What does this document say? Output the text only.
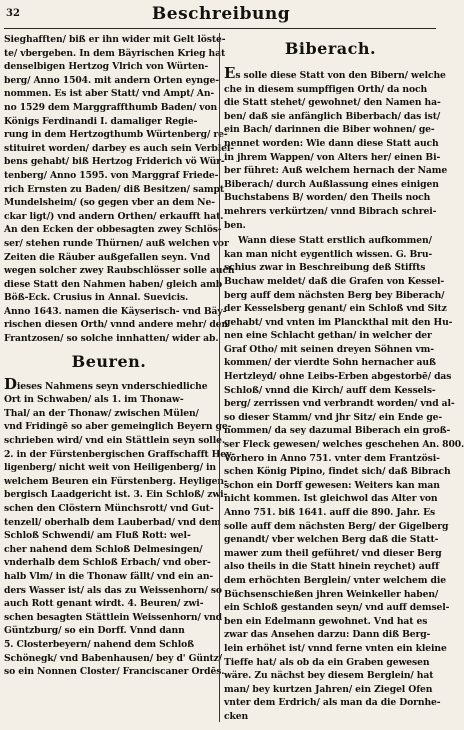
32	Beschreibung
Sieghafften/ biß er ihn wider mit Gelt löste-
te/ vbergeben. In dem Bäyrischen Krieg hat
denselbigen Hertzog Vlrich von Würten-
berg/ Anno 1504. mit andern Orten eynge-
nommen. Es ist aber Statt/ vnd Ampt/ An-
no 1529 dem Marggraffthumb Baden/ von
Königs Ferdinandi I. damaliger Regie-
rung in dem Hertzogthumb Würtenberg/ re-
stituiret worden/ darbey es auch sein Verblei-
bens gehabt/ biß Hertzog Friderich vö Wür-
tenberg/ Anno 1595. von Marggraf Friede-
rich Ernsten zu Baden/ diß Besitzen/ sampt
Mundelsheim/ (so gegen vber an dem Ne-
ckar ligt/) vnd andern Orthen/ erkaufft hat.
An den Ecken der obbesagten zwey Schlös-
ser/ stehen runde Thürnen/ auß welchen vor
Zeiten die Räuber außgefallen seyn. Vnd
wegen solcher zwey Raubschlösser solle auch
diese Statt den Nahmen haben/ gleich amb
Böß-Eck. Crusius in Annal. Suevicis.
Anno 1643. namen die Käyserisch- vnd Bäy-
rischen diesen Orth/ vnnd andere mehr/ den
Frantzosen/ so solche innhatten/ wider ab.
Beuren.
Dieses Nahmens seyn vnderschiedliche
Ort in Schwaben/ als 1. im Thonaw-
Thal/ an der Thonaw/ zwischen Mülen/
vnd Fridingē so aber gemeinglich Beyern ge-
schrieben wird/ vnd ein Stättlein seyn solle.
2. in der Fürstenbergischen Graffschafft Hey-
ligenberg/ nicht weit von Heiligenberg/ in
welchem Beuren ein Fürstenberg. Heyligen-
bergisch Laadgericht ist. 3. Ein Schloß/ zwi-
schen den Clöstern Münchsrott/ vnd Gut-
tenzell/ oberhalb dem Lauberbad/ vnd dem
Schloß Schwendi/ am Fluß Rott: wel-
cher nahend dem Schloß Delmesingen/
vnderhalb dem Schloß Erbach/ vnd ober-
halb Vlm/ in die Thonaw fällt/ vnd ein an-
ders Wasser ist/ als das zu Weissenhorn/ so
auch Rott genant wirdt. 4. Beuren/ zwi-
schen besagten Stättlein Weissenhorn/ vnd
Güntzburg/ so ein Dorff. Vnnd dann
5. Closterbeyern/ nahend dem Schloß
Schönegk/ vnd Babenhausen/ bey d' Güntz/
so ein Nonnen Closter/ Franciscaner Ordēs.
Biberach.
Es solle diese Statt von den Bibern/ welche
che in diesem sumpffigen Orth/ da noch
die Statt stehet/ gewohnet/ den Namen ha-
ben/ daß sie anfänglich Biberbach/ das ist/
ein Bach/ darinnen die Biber wohnen/ ge-
nennet worden: Wie dann diese Statt auch
in jhrem Wappen/ von Alters her/ einen Bi-
ber führet: Auß welchem hernach der Name
Biberach/ durch Außlassung eines einigen
Buchstabens B/ worden/ den Theils noch
mehrers verkürtzen/ vnnd Bibrach schrei-
ben.
Wann diese Statt erstlich aufkommen/
kan man nicht eygentlich wissen. G. Bru-
schius zwar in Beschreibung deß Stiffts
Buchaw meldet/ daß die Grafen von Kessel-
berg auff dem nächsten Berg bey Biberach/
der Kesselsberg genant/ ein Schloß vnd Sitz
gehabt/ vnd vnten im Planckthal mit den Hu-
nen eine Schlacht gethan/ in welcher der
Graf Otho/ mit seinen dreyen Söhnen vm-
kommen/ der vierdte Sohn hernacher auß
Hertzleyd/ ohne Leibs-Erben abgestorbē/ das
Schloß/ vnnd die Kirch/ auff dem Kessels-
berg/ zerrissen vnd verbrandt worden/ vnd al-
so dieser Stamm/ vnd jhr Sitz/ ein Ende ge-
nommen/ da sey dazumal Biberach ein groß-
ser Fleck gewesen/ welches geschehen An. 800.
Vorhero in Anno 751. vnter dem Frantzösi-
schen König Pipino, findet sich/ daß Bibrach
schon ein Dorff gewesen: Weiters kan man
nicht kommen. Ist gleichwol das Alter von
Anno 751. biß 1641. auff die 890. Jahr. Es
solle auff dem nächsten Berg/ der Gigelberg
genandt/ vber welchen Berg daß die Statt-
mawer zum theil geführet/ vnd dieser Berg
also theils in die Statt hinein reychet) auff
dem erhöchten Berglein/ vnter welchem die
Büchsenschießen jhren Weinkeller haben/
ein Schloß gestanden seyn/ vnd auff demsel-
ben ein Edelmann gewohnet. Vnd hat es
zwar das Ansehen darzu: Dann diß Berg-
lein erhöhet ist/ vnnd ferne vnten ein kleine
Tieffe hat/ als ob da ein Graben gewesen
wäre. Zu nächst bey diesem Berglein/ hat
man/ bey kurtzen Jahren/ ein Ziegel Ofen
vnter dem Erdrich/ als man da die Dornhe-
cken
